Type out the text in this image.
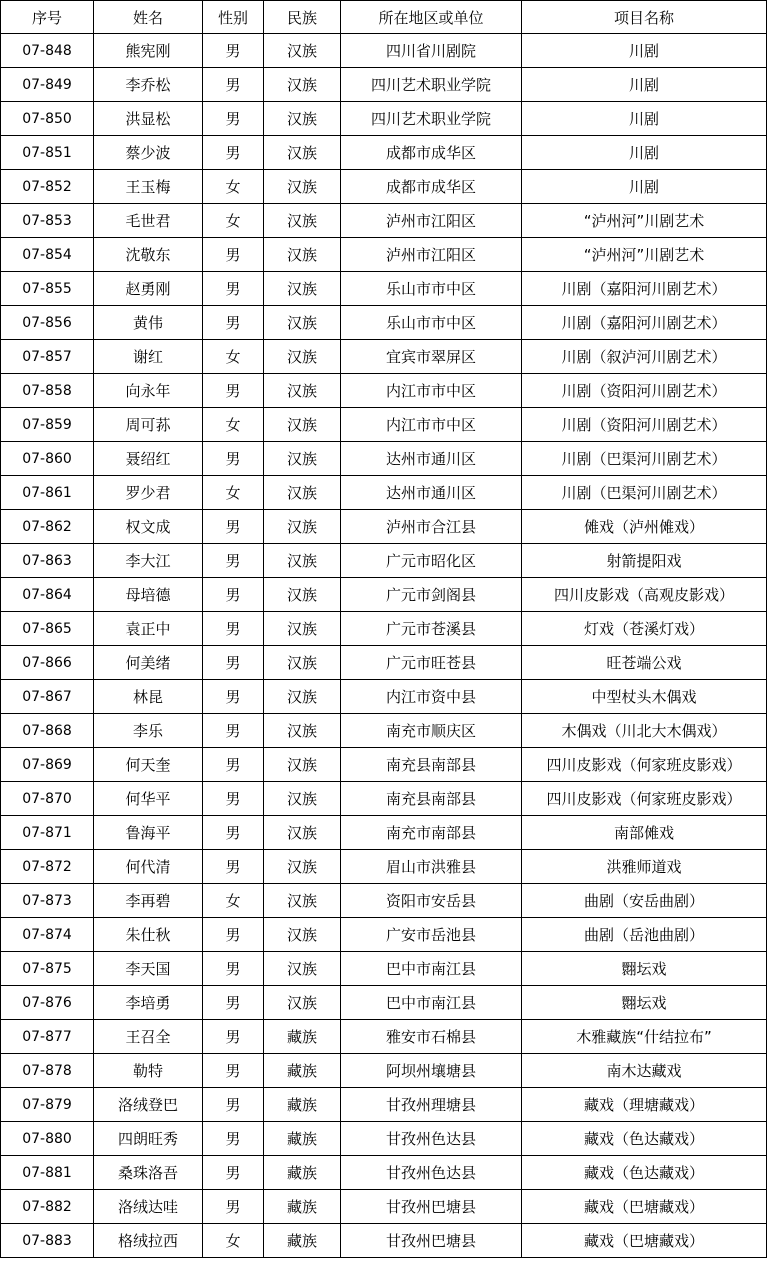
序号	姓名	性别	民族	所在地区或单位	项目名称
07-848	熊宪刚	男	汉族	四川省川剧院	川剧
07-849	李乔松	男	汉族	四川艺术职业学院	川剧
07-850	洪显松	男	汉族	四川艺术职业学院	川剧
07-851	蔡少波	男	汉族	成都市成华区	川剧
07-852	王玉梅	女	汉族	成都市成华区	川剧
07-853	毛世君	女	汉族	泸州市江阳区	“泸州河”川剧艺术
07-854	沈敬东	男	汉族	泸州市江阳区	“泸州河”川剧艺术
07-855	赵勇刚	男	汉族	乐山市市中区	川剧（嘉阳河川剧艺术）
07-856	黄伟	男	汉族	乐山市市中区	川剧（嘉阳河川剧艺术）
07-857	谢红	女	汉族	宜宾市翠屏区	川剧（叙泸河川剧艺术）
07-858	向永年	男	汉族	内江市市中区	川剧（资阳河川剧艺术）
07-859	周可荪	女	汉族	内江市市中区	川剧（资阳河川剧艺术）
07-860	聂绍红	男	汉族	达州市通川区	川剧（巴渠河川剧艺术）
07-861	罗少君	女	汉族	达州市通川区	川剧（巴渠河川剧艺术）
07-862	权文成	男	汉族	泸州市合江县	傩戏（泸州傩戏）
07-863	李大江	男	汉族	广元市昭化区	射箭提阳戏
07-864	母培德	男	汉族	广元市剑阁县	四川皮影戏（高观皮影戏）
07-865	袁正中	男	汉族	广元市苍溪县	灯戏（苍溪灯戏）
07-866	何美绪	男	汉族	广元市旺苍县	旺苍端公戏
07-867	林昆	男	汉族	内江市资中县	中型杖头木偶戏
07-868	李乐	男	汉族	南充市顺庆区	木偶戏（川北大木偶戏）
07-869	何天奎	男	汉族	南充县南部县	四川皮影戏（何家班皮影戏）
07-870	何华平	男	汉族	南充县南部县	四川皮影戏（何家班皮影戏）
07-871	鲁海平	男	汉族	南充市南部县	南部傩戏
07-872	何代清	男	汉族	眉山市洪雅县	洪雅师道戏
07-873	李再碧	女	汉族	资阳市安岳县	曲剧（安岳曲剧）
07-874	朱仕秋	男	汉族	广安市岳池县	曲剧（岳池曲剧）
07-875	李天国	男	汉族	巴中市南江县	翾坛戏
07-876	李培勇	男	汉族	巴中市南江县	翾坛戏
07-877	王召全	男	藏族	雅安市石棉县	木雅藏族“什结拉布”
07-878	勒特	男	藏族	阿坝州壤塘县	南木达藏戏
07-879	洛绒登巴	男	藏族	甘孜州理塘县	藏戏（理塘藏戏）
07-880	四朗旺秀	男	藏族	甘孜州色达县	藏戏（色达藏戏）
07-881	桑珠洛吾	男	藏族	甘孜州色达县	藏戏（色达藏戏）
07-882	洛绒达哇	男	藏族	甘孜州巴塘县	藏戏（巴塘藏戏）
07-883	格绒拉西	女	藏族	甘孜州巴塘县	藏戏（巴塘藏戏）
